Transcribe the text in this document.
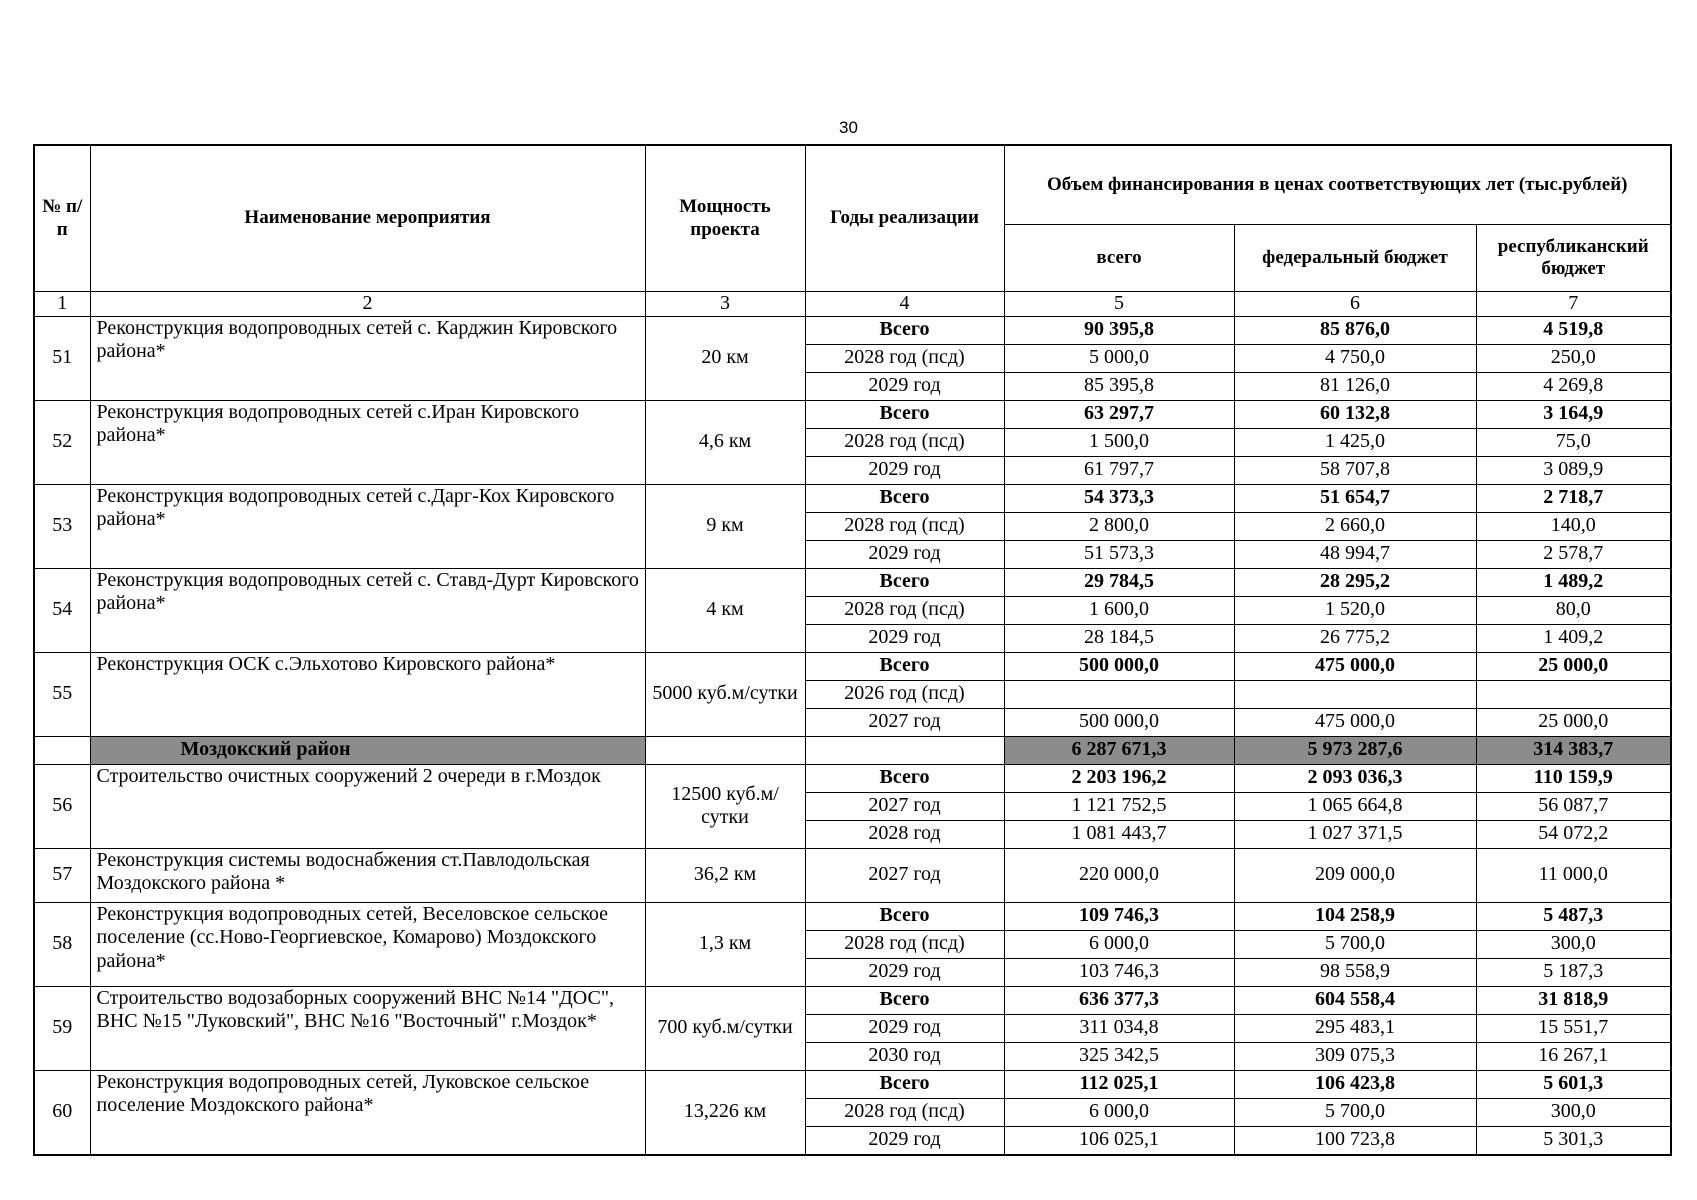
30
№ п/п	Наименование мероприятия	Мощность проекта	Годы реализации	Объем финансирования в ценах соответствующих лет (тыс.рублей)		
				всего	федеральный бюджет	республиканский бюджет
1	2	3	4	5	6	7
51	Реконструкция водопроводных сетей с. Карджин Кировского района*	20 км	Всего	90 395,8	85 876,0	4 519,8
			2028 год (псд)	5 000,0	4 750,0	250,0
			2029 год	85 395,8	81 126,0	4 269,8
52	Реконструкция водопроводных сетей с.Иран Кировского района*	4,6 км	Всего	63 297,7	60 132,8	3 164,9
			2028 год (псд)	1 500,0	1 425,0	75,0
			2029 год	61 797,7	58 707,8	3 089,9
53	Реконструкция водопроводных сетей с.Дарг-Кох Кировского района*	9 км	Всего	54 373,3	51 654,7	2 718,7
			2028 год (псд)	2 800,0	2 660,0	140,0
			2029 год	51 573,3	48 994,7	2 578,7
54	Реконструкция водопроводных сетей с. Ставд-Дурт Кировского района*	4 км	Всего	29 784,5	28 295,2	1 489,2
			2028 год (псд)	1 600,0	1 520,0	80,0
			2029 год	28 184,5	26 775,2	1 409,2
55	Реконструкция ОСК с.Эльхотово Кировского района*	5000 куб.м/сутки	Всего	500 000,0	475 000,0	25 000,0
			2026 год (псд)			
			2027 год	500 000,0	475 000,0	25 000,0
	Моздокский район			6 287 671,3	5 973 287,6	314 383,7
56	Строительство очистных сооружений 2 очереди в г.Моздок	12500 куб.м/сутки	Всего	2 203 196,2	2 093 036,3	110 159,9
			2027 год	1 121 752,5	1 065 664,8	56 087,7
			2028 год	1 081 443,7	1 027 371,5	54 072,2
57	Реконструкция системы водоснабжения ст.Павлодольская Моздокского района *	36,2 км	2027 год	220 000,0	209 000,0	11 000,0
58	Реконструкция водопроводных сетей, Веселовское сельское поселение (сс.Ново-Георгиевское, Комарово) Моздокского района*	1,3 км	Всего	109 746,3	104 258,9	5 487,3
			2028 год (псд)	6 000,0	5 700,0	300,0
			2029 год	103 746,3	98 558,9	5 187,3
59	Строительство водозаборных сооружений ВНС №14 "ДОС", ВНС №15 "Луковский", ВНС №16 "Восточный" г.Моздок*	700 куб.м/сутки	Всего	636 377,3	604 558,4	31 818,9
			2029 год	311 034,8	295 483,1	15 551,7
			2030 год	325 342,5	309 075,3	16 267,1
60	Реконструкция водопроводных сетей, Луковское сельское поселение Моздокского района*	13,226 км	Всего	112 025,1	106 423,8	5 601,3
			2028 год (псд)	6 000,0	5 700,0	300,0
			2029 год	106 025,1	100 723,8	5 301,3
